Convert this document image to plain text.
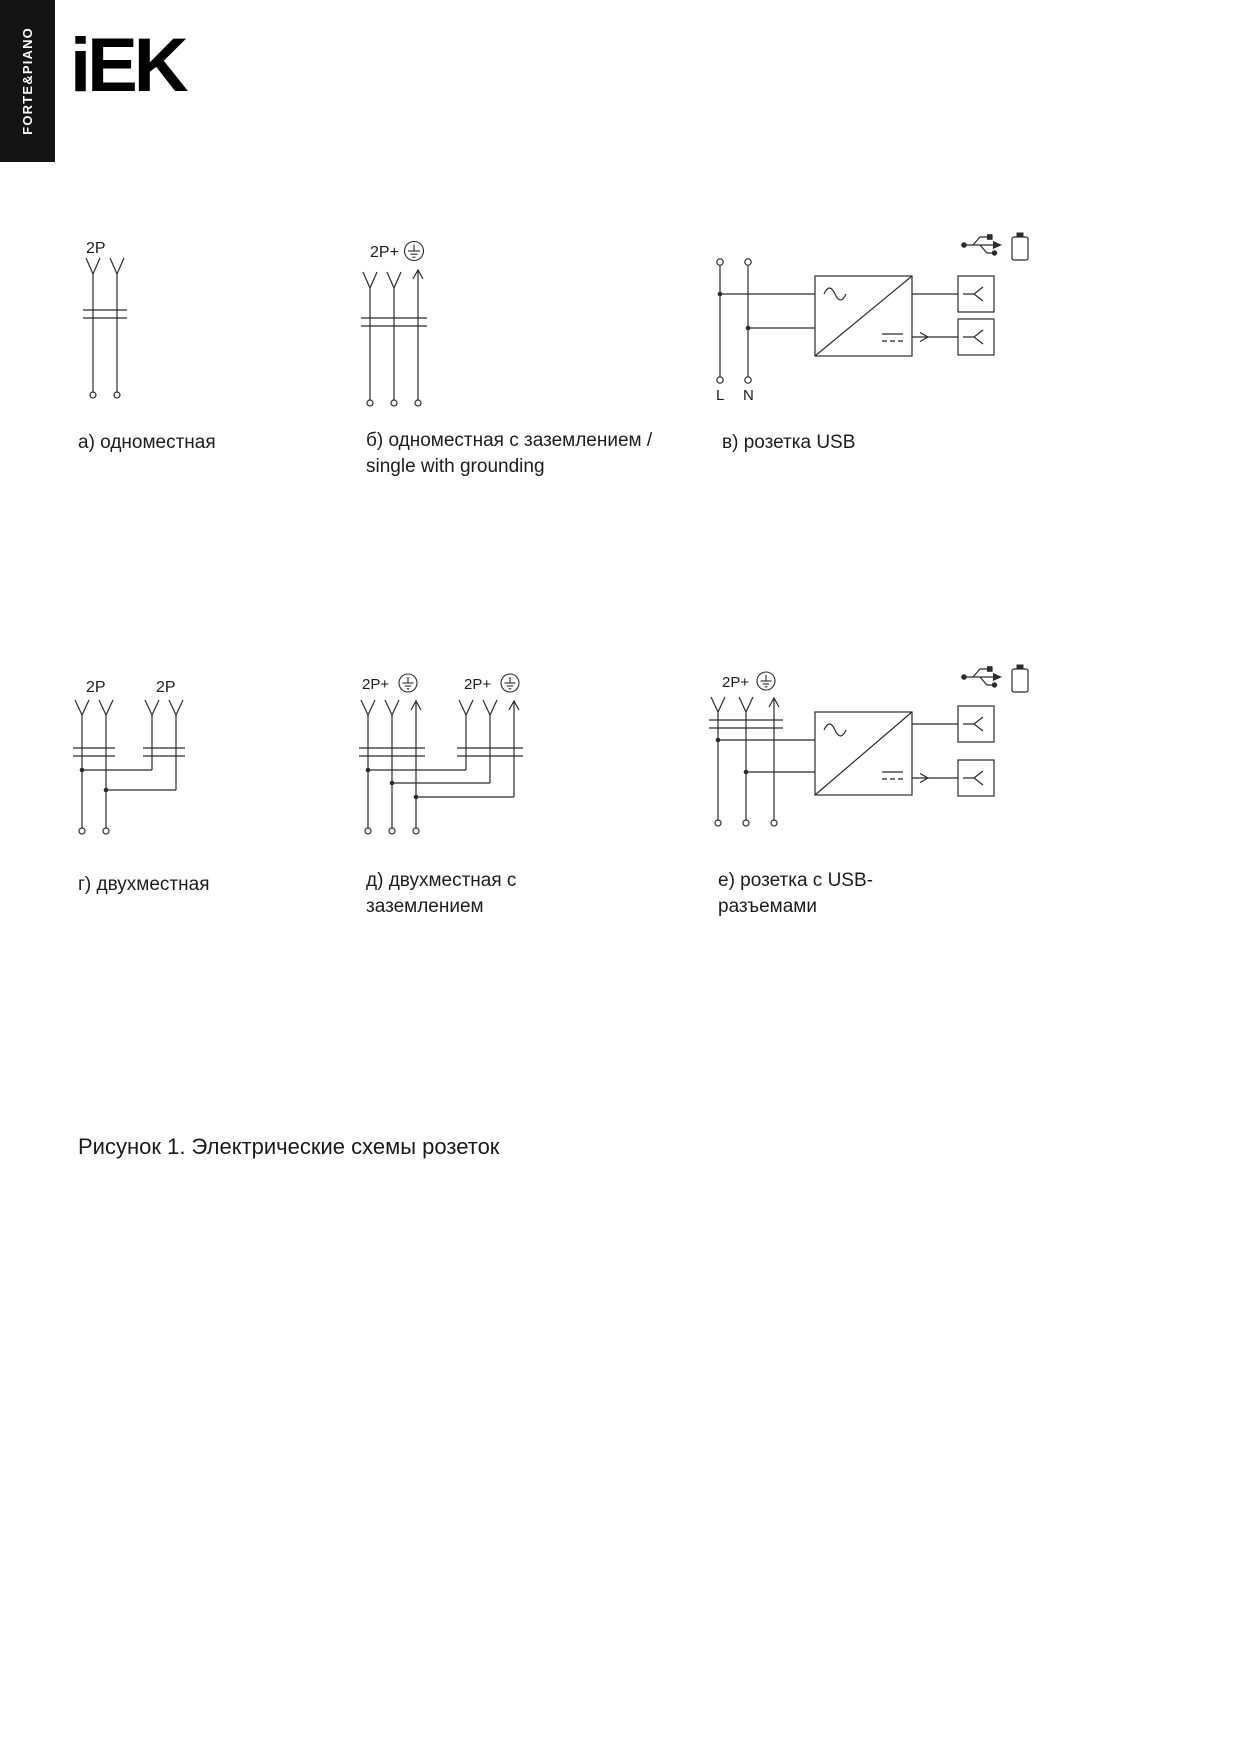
FORTE&PIANO iEK
2P
а) одноместная
2P+
б) одноместная с заземлением /
single with grounding
L N
в) розетка USB
2P	2P
г) двухместная
2P+	2P+
д) двухместная с
заземлением
2P+
е) розетка с USB-
разъемами
Рисунок 1. Электрические схемы розеток
